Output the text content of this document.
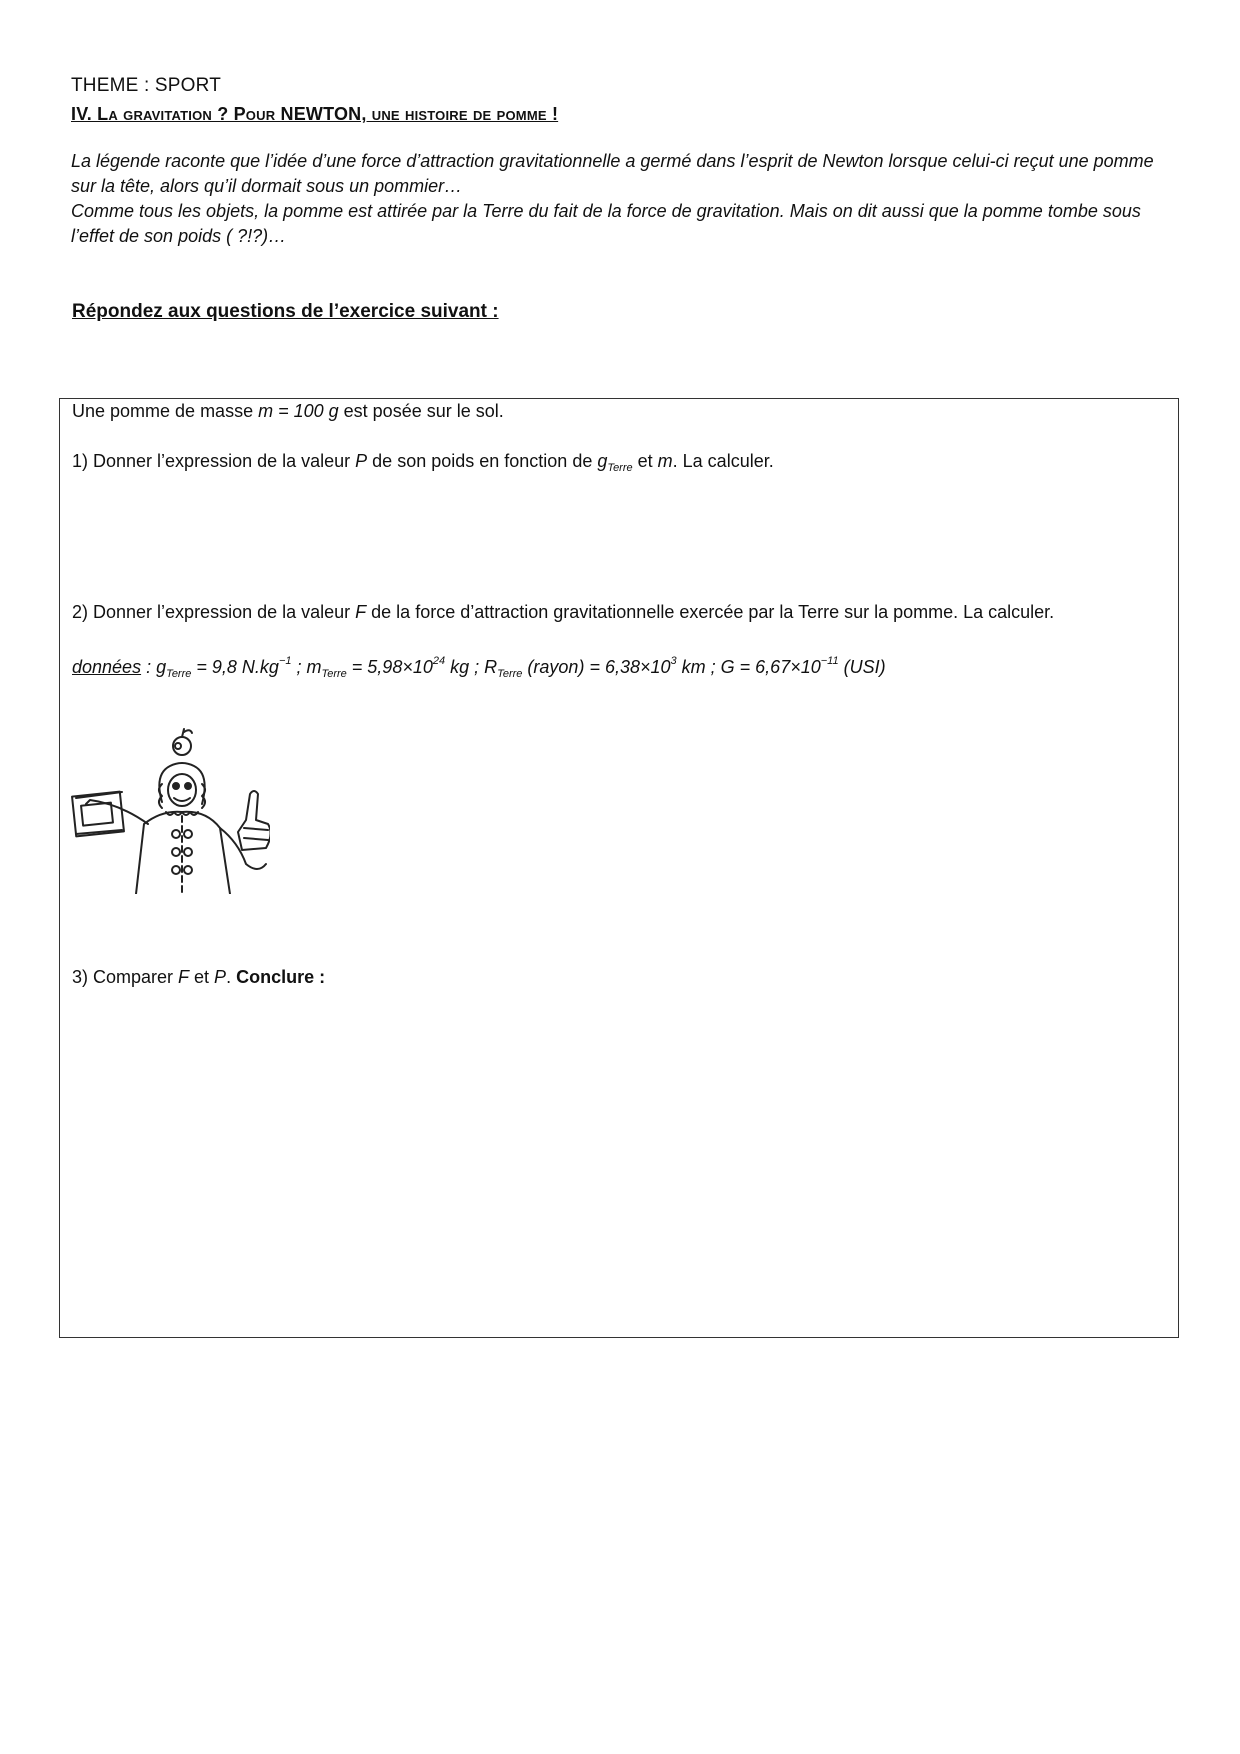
THEME : SPORT
IV. La gravitation ? Pour NEWTON, une histoire de pomme !

La légende raconte que l’idée d’une force d’attraction gravitationnelle a germé dans l’esprit de Newton lorsque celui-ci reçut une pomme sur la tête, alors qu’il dormait sous un pommier…

Comme tous les objets, la pomme est attirée par la Terre du fait de la force de gravitation. Mais on dit aussi que la pomme tombe sous l’effet de son poids ( ?!?)…

Répondez aux questions de l’exercice suivant :
Une pomme de masse m = 100 g est posée sur le sol.
1) Donner l’expression de la valeur P de son poids en fonction de $g_{Terre}$ et m. La calculer.
2) Donner l’expression de la valeur F de la force d’attraction gravitationnelle exercée par la Terre sur la pomme. La calculer.
données : $g_{Terre} = 9,8$ $N.kg^{-1}$ ; $m_{Terre} = 5,98\times 10^{24}$ kg ; $R_{Terre}$ (rayon) = $6,38\times 10^3$ km ; $G = 6,67\times 10^{-11}$ (USI)
3) Comparer F et P. Conclure :
